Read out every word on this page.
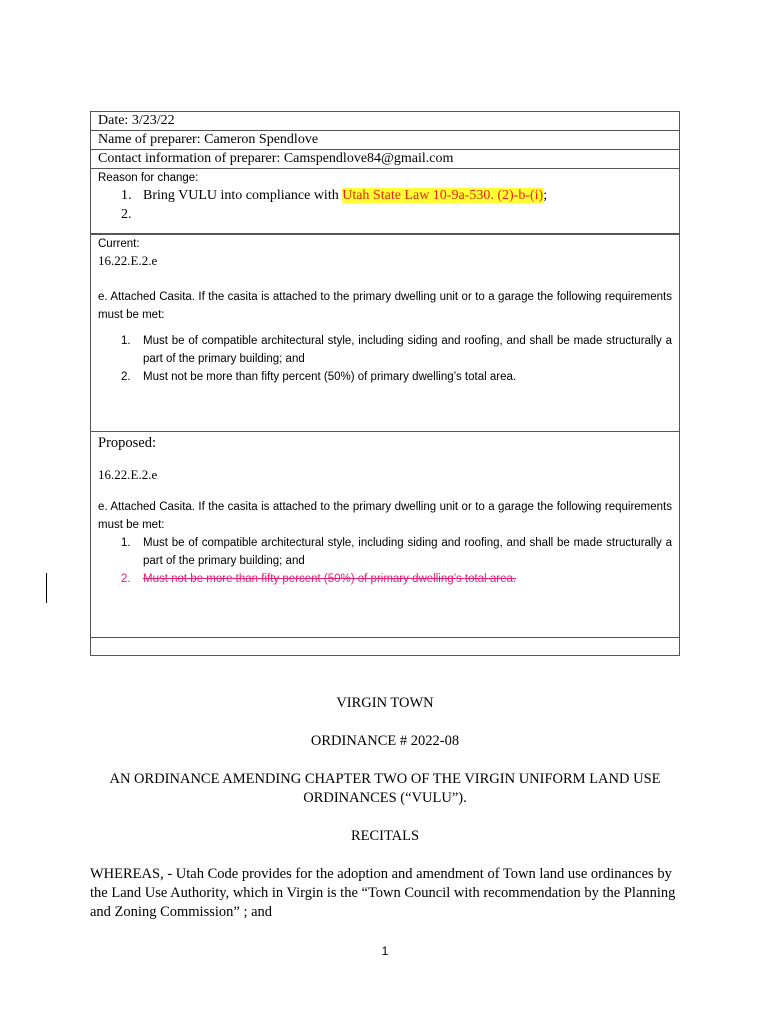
Date: 3/23/22
Name of preparer: Cameron Spendlove
Contact information of preparer: Camspendlove84@gmail.com
Reason for change:
1. Bring VULU into compliance with Utah State Law 10-9a-530. (2)-b-(i);
2.
Current:
16.22.E.2.e
e. Attached Casita. If the casita is attached to the primary dwelling unit or to a garage the following requirements must be met:
1. Must be of compatible architectural style, including siding and roofing, and shall be made structurally a part of the primary building; and
2. Must not be more than fifty percent (50%) of primary dwelling’s total area.
Proposed:
16.22.E.2.e
e. Attached Casita. If the casita is attached to the primary dwelling unit or to a garage the following requirements must be met:
1. Must be of compatible architectural style, including siding and roofing, and shall be made structurally a part of the primary building; and
2. Must not be more than fifty percent (50%) of primary dwelling’s total area.
VIRGIN TOWN
ORDINANCE # 2022-08
AN ORDINANCE AMENDING CHAPTER TWO OF THE VIRGIN UNIFORM LAND USE ORDINANCES (“VULU”).
RECITALS
WHEREAS, - Utah Code provides for the adoption and amendment of Town land use ordinances by the Land Use Authority, which in Virgin is the “Town Council with recommendation by the Planning and Zoning Commission” ; and
1
